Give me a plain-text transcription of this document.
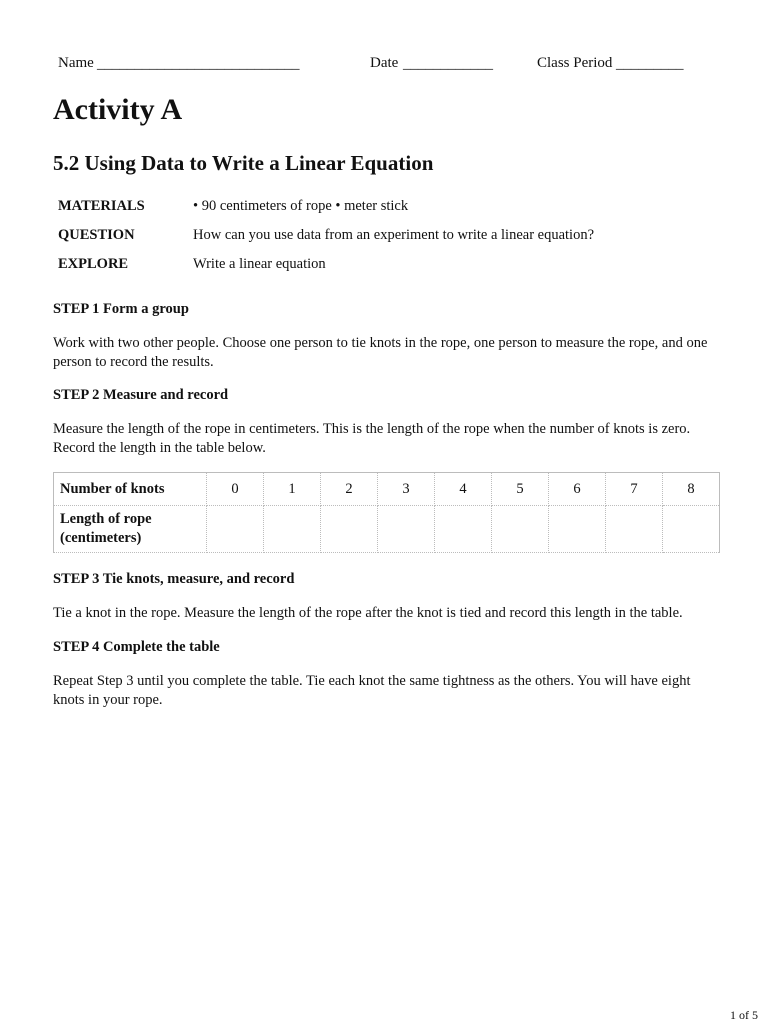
Name ___________________________	Date ____________	Class Period _________
Activity A
5.2 Using Data to Write a Linear Equation
MATERIALS	• 90 centimeters of rope • meter stick
QUESTION	How can you use data from an experiment to write a linear equation?
EXPLORE	Write a linear equation
STEP 1 Form a group
Work with two other people. Choose one person to tie knots in the rope, one person to measure the rope, and one person to record the results.
STEP 2 Measure and record
Measure the length of the rope in centimeters. This is the length of the rope when the number of knots is zero. Record the length in the table below.
Number of knots	0	1	2	3	4	5	6	7	8
Length of rope (centimeters)									
STEP 3 Tie knots, measure, and record
Tie a knot in the rope. Measure the length of the rope after the knot is tied and record this length in the table.
STEP 4 Complete the table
Repeat Step 3 until you complete the table. Tie each knot the same tightness as the others. You will have eight knots in your rope.
1 of 5
